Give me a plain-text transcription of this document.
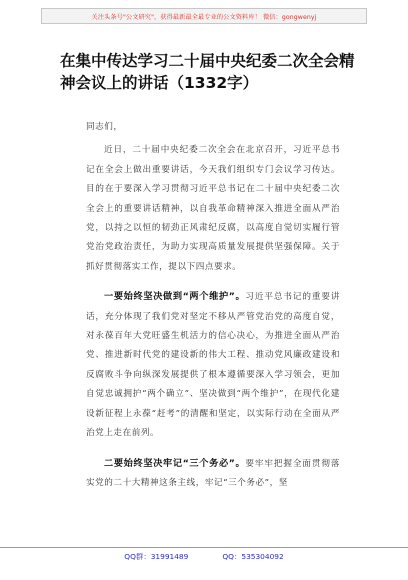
关注头条号"公文研究"，获得最新最全最专业的公文资料库！ 微信：gongwenyj
在集中传达学习二十届中央纪委二次全会精神会议上的讲话（1332字）

同志们，

近日，二十届中央纪委二次全会在北京召开，习近平总书记在全会上做出重要讲话，今天我们组织专门会议学习传达。目的在于要深入学习贯彻习近平总书记在二十届中央纪委二次全会上的重要讲话精神，以自我革命精神深入推进全面从严治党，以持之以恒的韧劲正风肃纪反腐，以高度自觉切实履行管党治党政治责任，为助力实现高质量发展提供坚强保障。关于抓好贯彻落实工作，提以下四点要求。

一要始终坚决做到“两个维护”。习近平总书记的重要讲话，充分体现了我们党对坚定不移从严管党治党的高度自觉，对永葆百年大党旺盛生机活力的信心决心，为推进全面从严治党、推进新时代党的建设新的伟大工程、推动党风廉政建设和反腐败斗争向纵深发展提供了根本遵循要深入学习领会，更加自觉忠诚拥护“两个确立”、坚决做到“两个维护”，在现代化建设新征程上永葆“赶考”的清醒和坚定，以实际行动在全面从严治党上走在前列。

二要始终坚决牢记“三个务必”。要牢牢把握全面贯彻落实党的二十大精神这条主线，牢记“三个务必”，坚

QQ群：31991489	QQ：535304092
